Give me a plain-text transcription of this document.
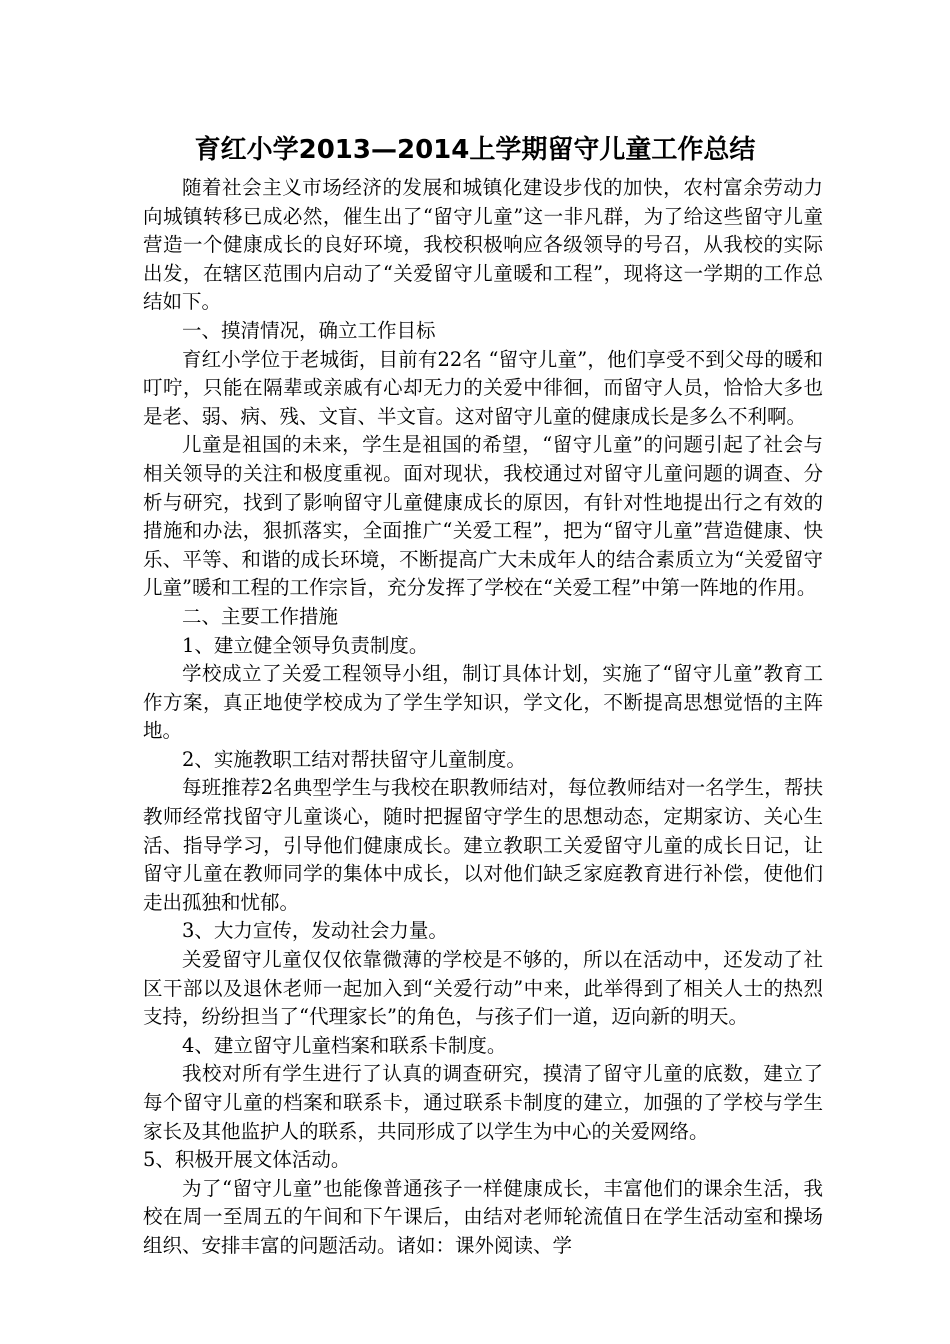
育红小学2013—2014上学期留守儿童工作总结

随着社会主义市场经济的发展和城镇化建设步伐的加快，农村富余劳动力向城镇转移已成必然，催生出了“留守儿童”这一非凡群，为了给这些留守儿童营造一个健康成长的良好环境，我校积极响应各级领导的号召，从我校的实际出发，在辖区范围内启动了“关爱留守儿童暖和工程”，现将这一学期的工作总结如下。

一、摸清情况，确立工作目标

育红小学位于老城街，目前有22名 “留守儿童”，他们享受不到父母的暖和叮咛，只能在隔辈或亲戚有心却无力的关爱中徘徊，而留守人员，恰恰大多也是老、弱、病、残、文盲、半文盲。这对留守儿童的健康成长是多么不利啊。

儿童是祖国的未来，学生是祖国的希望，“留守儿童”的问题引起了社会与相关领导的关注和极度重视。面对现状，我校通过对留守儿童问题的调查、分析与研究，找到了影响留守儿童健康成长的原因，有针对性地提出行之有效的措施和办法，狠抓落实，全面推广“关爱工程”，把为“留守儿童”营造健康、快乐、平等、和谐的成长环境，不断提高广大未成年人的结合素质立为“关爱留守儿童”暖和工程的工作宗旨，充分发挥了学校在“关爱工程”中第一阵地的作用。

二、主要工作措施

1、建立健全领导负责制度。

学校成立了关爱工程领导小组，制订具体计划，实施了“留守儿童”教育工作方案，真正地使学校成为了学生学知识，学文化，不断提高思想觉悟的主阵地。

2、实施教职工结对帮扶留守儿童制度。

每班推荐2名典型学生与我校在职教师结对，每位教师结对一名学生，帮扶教师经常找留守儿童谈心，随时把握留守学生的思想动态，定期家访、关心生活、指导学习，引导他们健康成长。建立教职工关爱留守儿童的成长日记，让留守儿童在教师同学的集体中成长，以对他们缺乏家庭教育进行补偿，使他们走出孤独和忧郁。

3、大力宣传，发动社会力量。

关爱留守儿童仅仅依靠微薄的学校是不够的，所以在活动中，还发动了社区干部以及退休老师一起加入到“关爱行动”中来，此举得到了相关人士的热烈支持，纷纷担当了“代理家长”的角色，与孩子们一道，迈向新的明天。

4、建立留守儿童档案和联系卡制度。

我校对所有学生进行了认真的调查研究，摸清了留守儿童的底数，建立了每个留守儿童的档案和联系卡，通过联系卡制度的建立，加强的了学校与学生家长及其他监护人的联系，共同形成了以学生为中心的关爱网络。

5、积极开展文体活动。

为了“留守儿童”也能像普通孩子一样健康成长，丰富他们的课余生活，我校在周一至周五的午间和下午课后，由结对老师轮流值日在学生活动室和操场组织、安排丰富的问题活动。诸如：课外阅读、学
